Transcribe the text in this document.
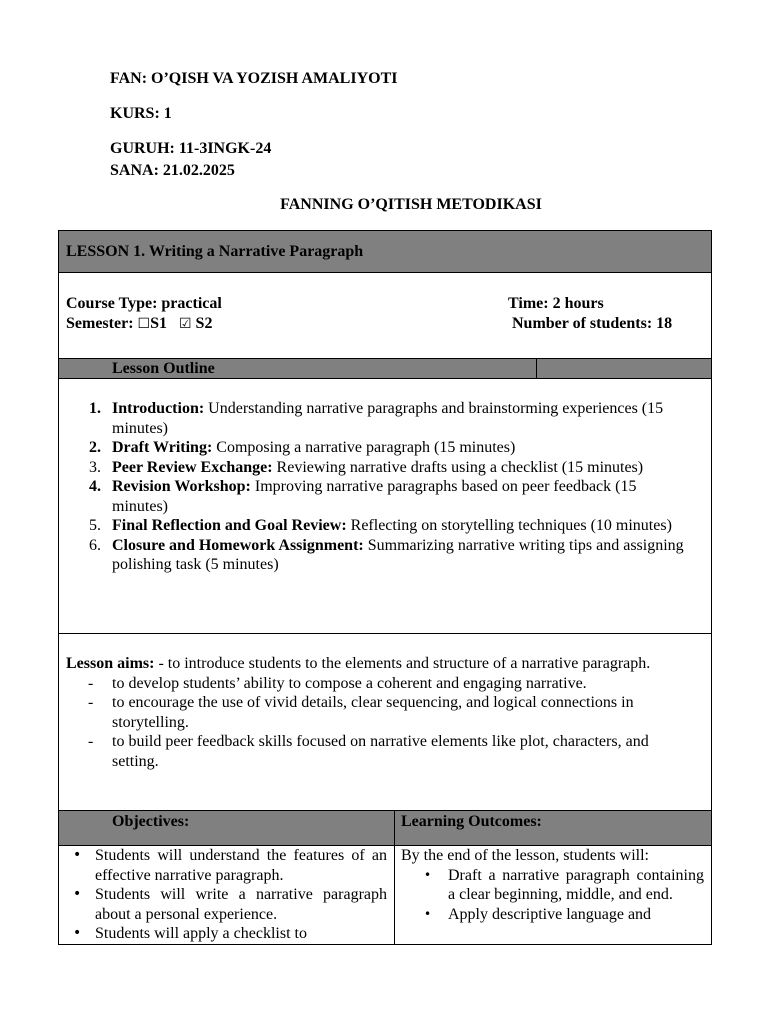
FAN: O’QISH VA YOZISH AMALIYOTI
KURS: 1
GURUH: 11-3INGK-24
SANA: 21.02.2025
FANNING O’QITISH METODIKASI
LESSON 1. Writing a Narrative Paragraph
Course Type: practical
Semester: ☐S1 ☑ S2
Time: 2 hours
Number of students: 18
Lesson Outline
1. Introduction: Understanding narrative paragraphs and brainstorming experiences (15 minutes)
2. Draft Writing: Composing a narrative paragraph (15 minutes)
3. Peer Review Exchange: Reviewing narrative drafts using a checklist (15 minutes)
4. Revision Workshop: Improving narrative paragraphs based on peer feedback (15 minutes)
5. Final Reflection and Goal Review: Reflecting on storytelling techniques (10 minutes)
6. Closure and Homework Assignment: Summarizing narrative writing tips and assigning polishing task (5 minutes)
Lesson aims: - to introduce students to the elements and structure of a narrative paragraph.
- to develop students’ ability to compose a coherent and engaging narrative.
- to encourage the use of vivid details, clear sequencing, and logical connections in storytelling.
- to build peer feedback skills focused on narrative elements like plot, characters, and setting.
Objectives:	Learning Outcomes:
• Students will understand the features of an effective narrative paragraph.
• Students will write a narrative paragraph about a personal experience.
• Students will apply a checklist to
By the end of the lesson, students will:
• Draft a narrative paragraph containing a clear beginning, middle, and end.
• Apply descriptive language and
